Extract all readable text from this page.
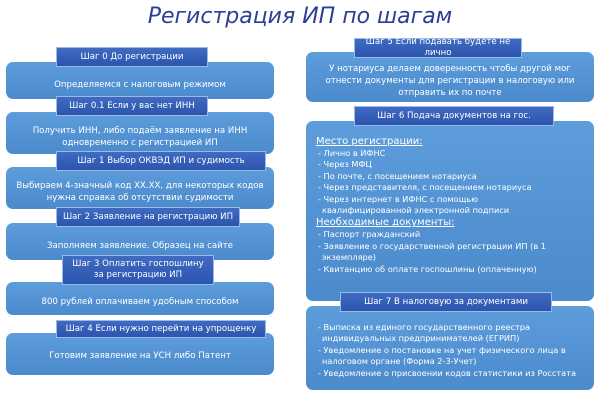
Регистрация ИП по шагам
Шаг 0 До регистрации
Определяемся с налоговым режимом
Шаг 0.1 Если у вас нет ИНН
Получить ИНН, либо подаём заявление на ИНН одновременно с регистрацией ИП
Шаг 1 Выбор ОКВЭД ИП и судимость
Выбираем 4-значный код XX.XX, для некоторых кодов нужна справка об отсутствии судимости
Шаг 2 Заявление на регистрацию ИП
Заполняем заявление. Образец на сайте
Шаг 3 Оплатить госпошлину за регистрацию ИП
800 рублей оплачиваем удобным способом
Шаг 4 Если нужно перейти на упрощенку
Готовим заявление на УСН либо Патент
Шаг 5 Если подавать будете не лично
У нотариуса делаем доверенность чтобы другой мог отнести документы для регистрации в налоговую или отправить их по почте
Шаг 6 Подача документов на гос.
Место регистрации:
- Лично в ИФНС
- Через МФЦ
- По почте, с посещением нотариуса
- Через представителя, с посещением нотариуса
- Через интернет в ИФНС с помощью
квалифицированной электронной подписи
Необходимые документы:
- Паспорт гражданский
- Заявление о государственной регистрации ИП (в 1
экземпляре)
- Квитанцию об оплате госпошлины (оплаченную)
Шаг 7 В налоговую за документами
- Выписка из единого государственного реестра
индивидуальных предпринимателей (ЕГРИП)
- Уведомление о постановке на учет физического лица в
налоговом органе (Форма 2-3-Учет)
- Уведомление о присвоении кодов статистики из Росстата
